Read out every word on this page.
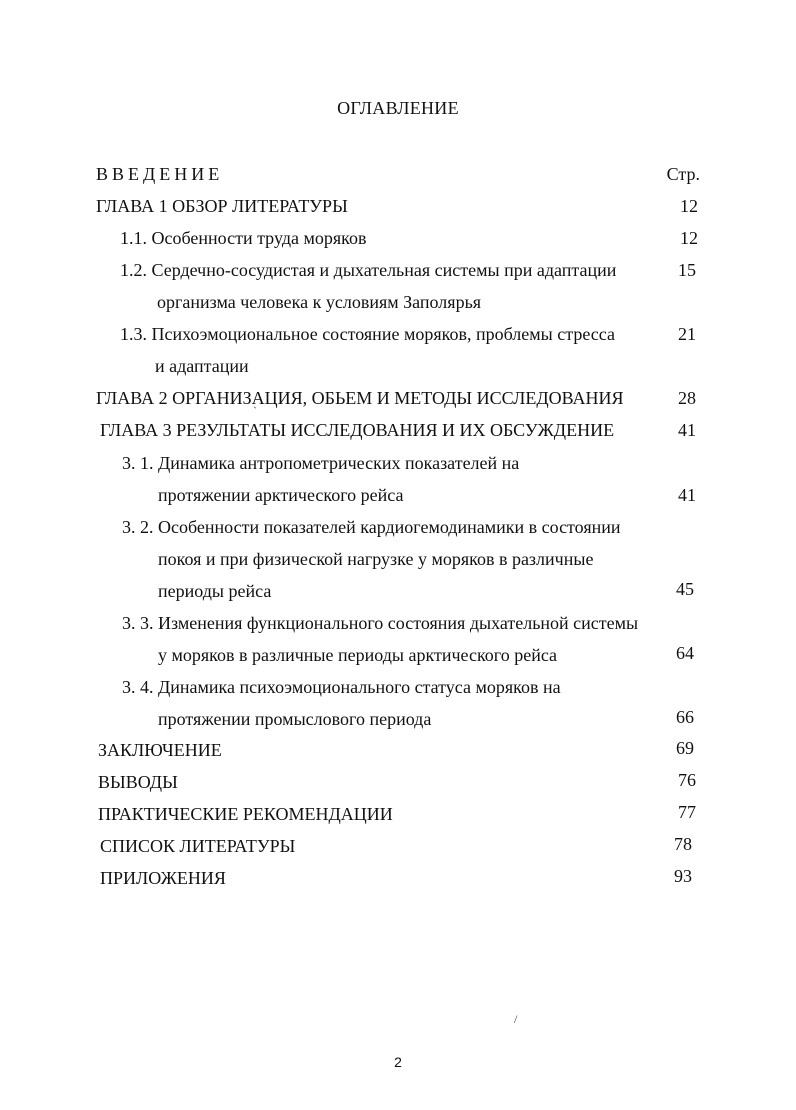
ОГЛАВЛЕНИЕ
ВВЕДЕНИЕ	Стр.
ГЛАВА 1 ОБЗОР ЛИТЕРАТУРЫ	12
1.1. Особенности труда моряков	12
1.2. Сердечно-сосудистая и дыхательная системы при адаптации	15
организма человека к условиям Заполярья
1.3. Психоэмоциональное состояние моряков, проблемы стресса	21
и адаптации
ГЛАВА 2 ОРГАНИЗАЦИЯ, ОБЬЕМ И МЕТОДЫ ИССЛЕДОВАНИЯ	28
ГЛАВА 3 РЕЗУЛЬТАТЫ ИССЛЕДОВАНИЯ И ИХ ОБСУЖДЕНИЕ	41
3. 1. Динамика антропометрических показателей на
протяжении арктического рейса	41
3. 2. Особенности показателей кардиогемодинамики в состоянии
покоя и при физической нагрузке у моряков в различные
периоды рейса	45
3. 3. Изменения функционального состояния дыхательной системы
у моряков в различные периоды арктического рейса	64
3. 4. Динамика психоэмоционального статуса моряков на
протяжении промыслового периода	66
ЗАКЛЮЧЕНИЕ	69
ВЫВОДЫ	76
ПРАКТИЧЕСКИЕ РЕКОМЕНДАЦИИ	77
СПИСОК ЛИТЕРАТУРЫ	78
ПРИЛОЖЕНИЯ	93
`
/
2
